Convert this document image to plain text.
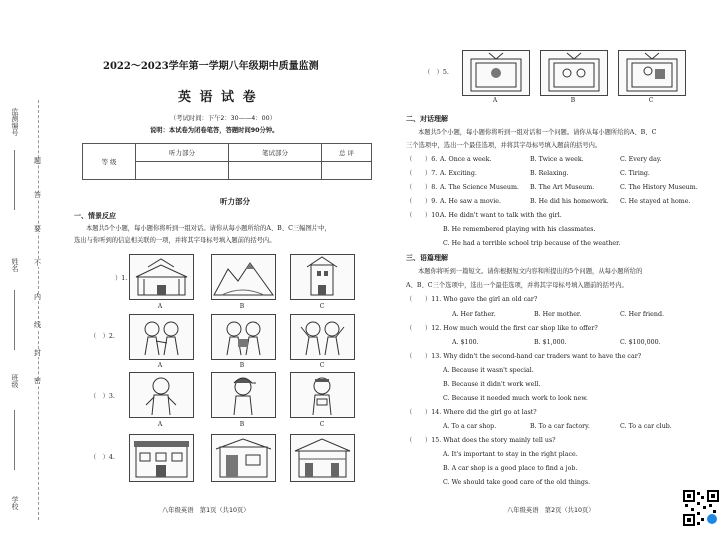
监测编号
姓名
班级
学校
题
答
要
不
内
线
封
密
2022～2023学年第一学期八年级期中质量监测
英 语 试 卷
（考试时间：下午2：30——4：00）
说明：本试卷为闭卷笔答，答题时间90分钟。
等 级	听力部分	笔试部分	总 评

听力部分
一、情景反应
本题共5个小题，每小题你将听到一组对话。请你从每小题所给的A、B、C三幅图片中，
选出与你听到的信息相关联的一项，并将其字母标号填入题前的括号内。
）1.
A	B	C
（　）2.
A	B	C
（　）3.
A	B	C
（　）4.
八年级英语　第1页（共10页）
（　）5.
A	B	C
二、对话理解
本题共5个小题，每小题你将听到一组对话和一个问题。请你从每小题所给的A、B、C
三个选项中，选出一个最佳选项，并将其字母标号填入题前的括号内。
（　　）6. A. Once a week.	B. Twice a week.	C. Every day.
（　　）7. A. Exciting.	B. Relaxing.	C. Tiring.
（　　）8. A. The Science Museum. B. The Art Museum.	C. The History Museum.
（　　）9. A. He saw a movie.	B. He did his homework. C. He stayed at home.
（　　）10.
A. He didn't want to talk with the girl.
B. He remembered playing with his classmates.
C. He had a terrible school trip because of the weather.
三、语篇理解
本题你将听到一篇短文。请你根据短文内容和所提出的5个问题，从每小题所给的
A、B、C三个选项中，选出一个最佳选项，并将其字母标号填入题前的括号内。
（　　）11. Who gave the girl an old car?
A. Her father.	B. Her mother.	C. Her friend.
（　　）12. How much would the first car shop like to offer?
A. $100.	B. $1,000.	C. $100,000.
（　　）13. Why didn't the second-hand car traders want to have the car?
A. Because it wasn't special.
B. Because it didn't work well.
C. Because it needed much work to look new.
（　　）14. Where did the girl go at last?
A. To a car shop.	B. To a car factory.	C. To a car club.
（　　）15. What does the story mainly tell us?
A. It's important to stay in the right place.
B. A car shop is a good place to find a job.
C. We should take good care of the old things.
八年级英语　第2页（共10页）
